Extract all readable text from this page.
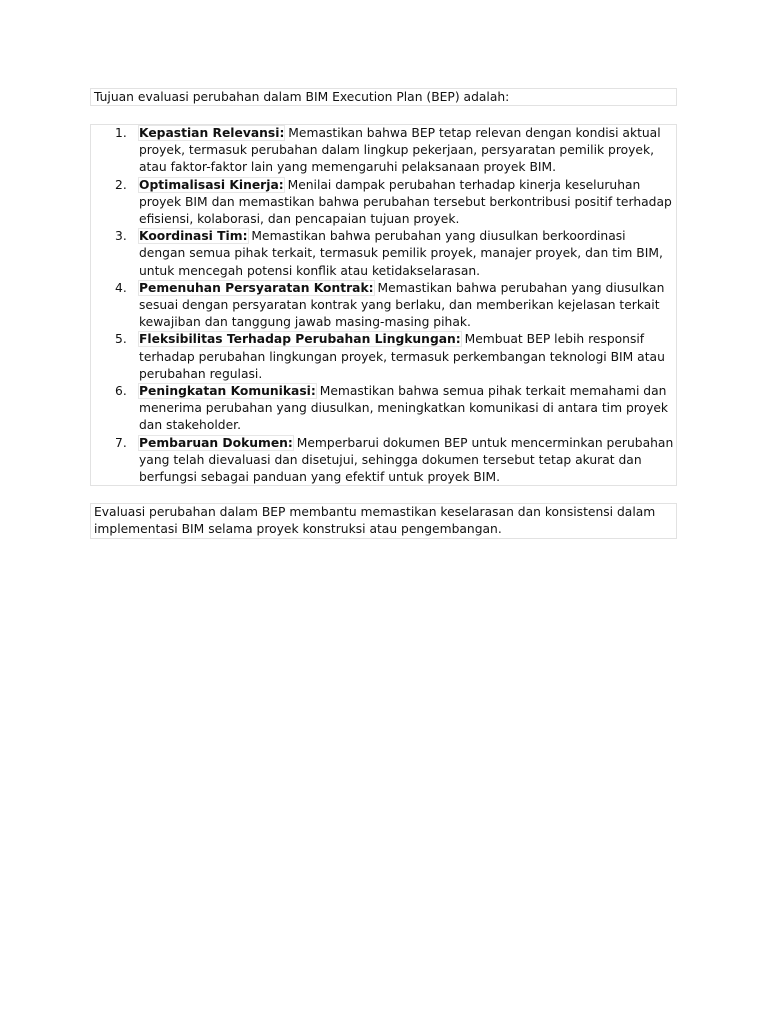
Tujuan evaluasi perubahan dalam BIM Execution Plan (BEP) adalah:
1. Kepastian Relevansi: Memastikan bahwa BEP tetap relevan dengan kondisi aktual proyek, termasuk perubahan dalam lingkup pekerjaan, persyaratan pemilik proyek, atau faktor-faktor lain yang memengaruhi pelaksanaan proyek BIM.
2. Optimalisasi Kinerja: Menilai dampak perubahan terhadap kinerja keseluruhan proyek BIM dan memastikan bahwa perubahan tersebut berkontribusi positif terhadap efisiensi, kolaborasi, dan pencapaian tujuan proyek.
3. Koordinasi Tim: Memastikan bahwa perubahan yang diusulkan berkoordinasi dengan semua pihak terkait, termasuk pemilik proyek, manajer proyek, dan tim BIM, untuk mencegah potensi konflik atau ketidakselarasan.
4. Pemenuhan Persyaratan Kontrak: Memastikan bahwa perubahan yang diusulkan sesuai dengan persyaratan kontrak yang berlaku, dan memberikan kejelasan terkait kewajiban dan tanggung jawab masing-masing pihak.
5. Fleksibilitas Terhadap Perubahan Lingkungan: Membuat BEP lebih responsif terhadap perubahan lingkungan proyek, termasuk perkembangan teknologi BIM atau perubahan regulasi.
6. Peningkatan Komunikasi: Memastikan bahwa semua pihak terkait memahami dan menerima perubahan yang diusulkan, meningkatkan komunikasi di antara tim proyek dan stakeholder.
7. Pembaruan Dokumen: Memperbarui dokumen BEP untuk mencerminkan perubahan yang telah dievaluasi dan disetujui, sehingga dokumen tersebut tetap akurat dan berfungsi sebagai panduan yang efektif untuk proyek BIM.
Evaluasi perubahan dalam BEP membantu memastikan keselarasan dan konsistensi dalam implementasi BIM selama proyek konstruksi atau pengembangan.
